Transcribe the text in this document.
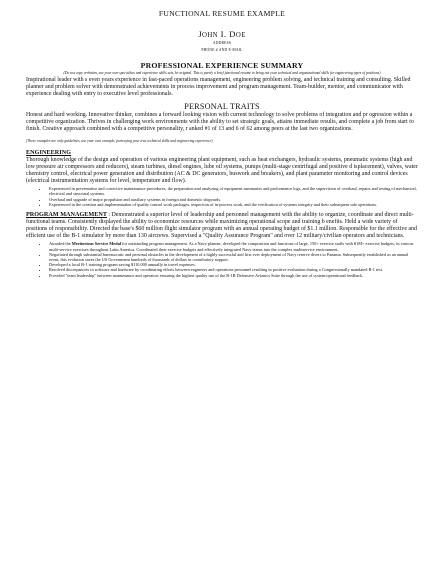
FUNCTIONAL RESUME EXAMPLE
JOHN I. DOE
ADDRESS
PHONE # AND E-MAIL
PROFESSIONAL EXPERIENCE SUMMARY
(Do not copy verbatim, use your own specialties and experience skills sets, be original. This is purely a brief functional resume to bring out your technical and organizational skills for engineering types of positions)
Inspirational leader with s even years experience in fast-paced operations management, engineering problem solving, and technical training and consulting. Skilled planner and problem solver with demonstrated achievements in process improvement and program management. Team-builder, mentor, and communicator with experience dealing with entry to executive level professionals.
PERSONAL TRAITS
Honest and hard working. Innovative thinker, combines a forward looking vision with current technology to solve problems of integration and pr ogression within a competitive organization. Thrives in challenging work environments with the ability to set strategic goals, attains immediate results, and complete a job from start to finish. Creative approach combined with a competitive personality, r anked #1 of 13 and 6 of 62 among peers at the last two organizations.
(These examples are only guidelines, use your own example, portraying your true technical skills and engineering experience)
ENGINEERING
Thorough knowledge of the design and operation of various engineering plant equipment, such as heat exchangers, hydraulic systems, pneumatic systems (high and low pressure air compressors and reducers), steam turbines, diesel engines, lube oil systems, pumps (multi-stage centrifugal and positive d isplacement), valves, water chemistry control, electrical power generation and distribution (AC & DC generators, buswork and breakers), and plant parameter monitoring and control devices (electrical instrumentation systems for level, temperature and flow).
• Experienced in preventative and corrective maintenance procedures, the preparation and analyzing of equipment summaries and performance logs, and the supervision of overhaul, repairs and testing of mechanical, electrical and structural systems.
• Overhaul and upgrade of major propulsion and auxiliary systems in foreign and domestic shipyards.
• Experienced in the creation and implementation of quality control work packages, inspection of in-process work, and the verification of systems integrity and their subsequent safe operations.
PROGRAM MANAGEMENT : Demonstrated a superior level of leadership and personnel management with the ability to organize, coordinate and direct multi-functional teams. Consistently displayed the ability to economize resources while maximizing operational scope and training b enefits. Held a wide variety of positions of responsibility. Directed the base's $60 million flight simulator program with an annual operating budget of $1.1 million. Responsible for the effective and efficient use of the B-1 simulator by more than 130 aircrews. Supervised a "Quality Assurance Program" and over 12 military/civilian operators and technicians.
• Awarded the Meritorious Service Medal for outstanding program management. As a Navy planner, developed the composition and functions of large, 150+ exercise staffs with $1M+ exercise budgets, in various multi-service exercises throughout Latin America. Coordinated their exercise budgets and effectively integrated Navy teams into the complex multiservice environment.
• Negotiated through substantial bureaucratic and personal obstacles in the development of a highly successful and first ever deployment of Navy reserve divers to Panama. Subsequently established as an annual event, this evolution saves the US Government hundreds of thousands of dollars in contributory support.
• Developed a local B-1 training program saving $110,000 annually in travel expenses.
• Resolved discrepancies in software and hardware by coordinating efforts between engineers and operations personnel resulting in positive evaluation during a Congressionally mandated B-1 test.
• Provided "team leadership" between maintenance and operators ensuring the highest quality use of the B-1B Defensive Avionics Suite through the use of system/operational feedback.
